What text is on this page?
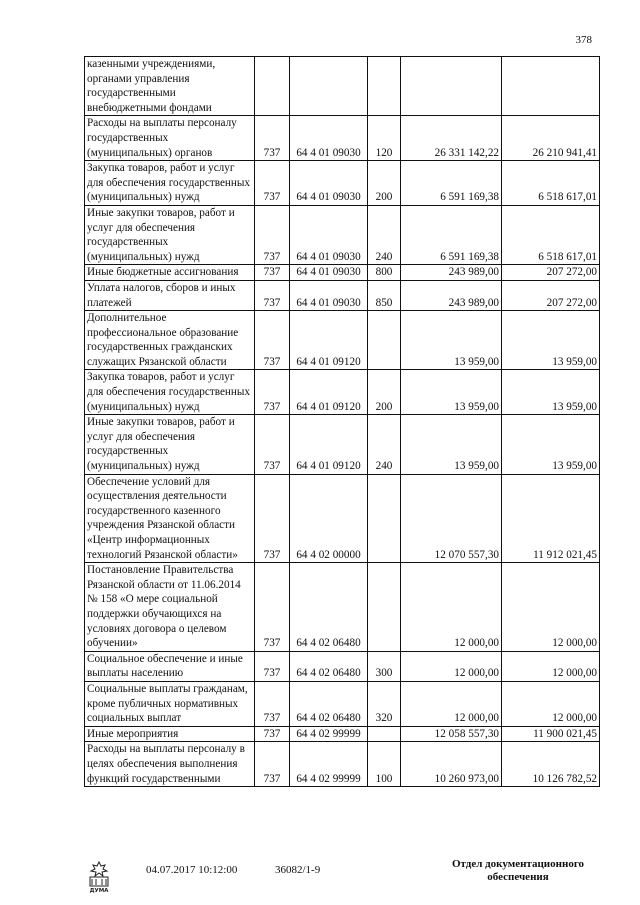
378
казенными учреждениями, органами управления государственными внебюджетными фондами					
Расходы на выплаты персоналу государственных (муниципальных) органов	737	64 4 01 09030	120	26 331 142,22	26 210 941,41
Закупка товаров, работ и услуг для обеспечения государственных (муниципальных) нужд	737	64 4 01 09030	200	6 591 169,38	6 518 617,01
Иные закупки товаров, работ и услуг для обеспечения государственных (муниципальных) нужд	737	64 4 01 09030	240	6 591 169,38	6 518 617,01
Иные бюджетные ассигнования	737	64 4 01 09030	800	243 989,00	207 272,00
Уплата налогов, сборов и иных платежей	737	64 4 01 09030	850	243 989,00	207 272,00
Дополнительное профессиональное образование государственных гражданских служащих Рязанской области	737	64 4 01 09120		13 959,00	13 959,00
Закупка товаров, работ и услуг для обеспечения государственных (муниципальных) нужд	737	64 4 01 09120	200	13 959,00	13 959,00
Иные закупки товаров, работ и услуг для обеспечения государственных (муниципальных) нужд	737	64 4 01 09120	240	13 959,00	13 959,00
Обеспечение условий для осуществления деятельности государственного казенного учреждения Рязанской области «Центр информационных технологий Рязанской области»	737	64 4 02 00000		12 070 557,30	11 912 021,45
Постановление Правительства Рязанской области от 11.06.2014 № 158 «О мере социальной поддержки обучающихся на условиях договора о целевом обучении»	737	64 4 02 06480		12 000,00	12 000,00
Социальное обеспечение и иные выплаты населению	737	64 4 02 06480	300	12 000,00	12 000,00
Социальные выплаты гражданам, кроме публичных нормативных социальных выплат	737	64 4 02 06480	320	12 000,00	12 000,00
Иные мероприятия	737	64 4 02 99999		12 058 557,30	11 900 021,45
Расходы на выплаты персоналу в целях обеспечения выполнения функций государственными	737	64 4 02 99999	100	10 260 973,00	10 126 782,52
ДУМА
04.07.2017 10:12:00	36082/1-9	Отдел документационного
обеспечения
